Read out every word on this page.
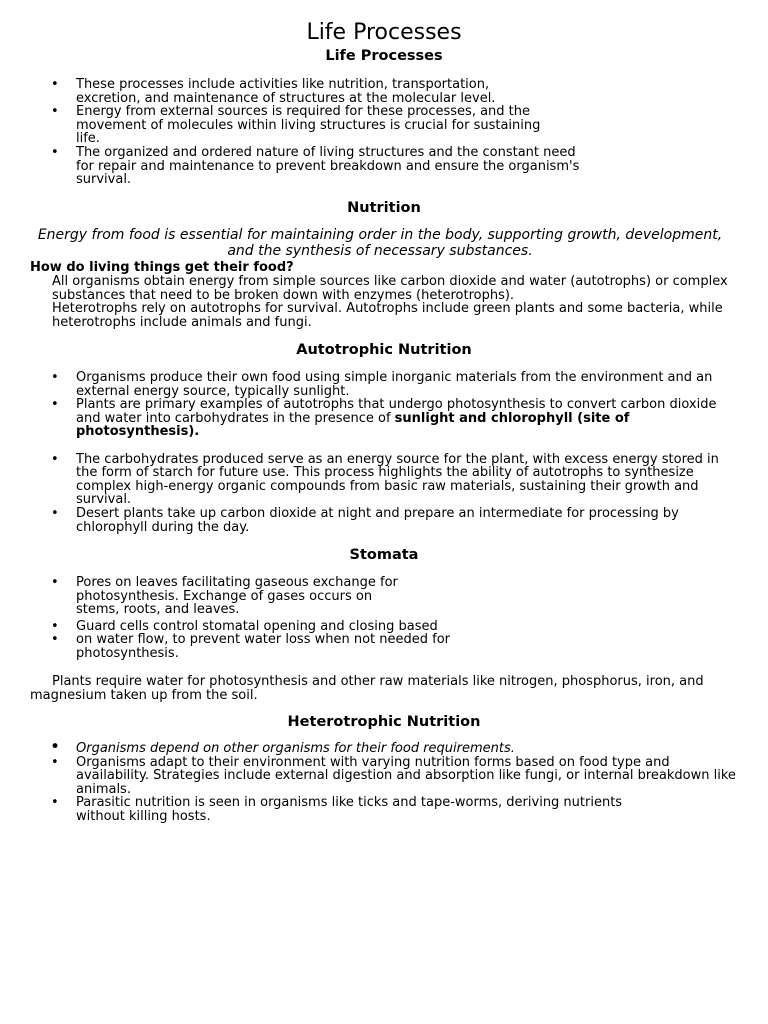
Life Processes
Life Processes
• These processes include activities like nutrition, transportation, excretion, and maintenance of structures at the molecular level.
• Energy from external sources is required for these processes, and the movement of molecules within living structures is crucial for sustaining life.
• The organized and ordered nature of living structures and the constant need for repair and maintenance to prevent breakdown and ensure the organism's survival.
Nutrition
Energy from food is essential for maintaining order in the body, supporting growth, development, and the synthesis of necessary substances.
How do living things get their food?
All organisms obtain energy from simple sources like carbon dioxide and water (autotrophs) or complex substances that need to be broken down with enzymes (heterotrophs).
Heterotrophs rely on autotrophs for survival. Autotrophs include green plants and some bacteria, while heterotrophs include animals and fungi.
Autotrophic Nutrition
• Organisms produce their own food using simple inorganic materials from the environment and an external energy source, typically sunlight.
• Plants are primary examples of autotrophs that undergo photosynthesis to convert carbon dioxide and water into carbohydrates in the presence of sunlight and chlorophyll (site of photosynthesis).
• The carbohydrates produced serve as an energy source for the plant, with excess energy stored in the form of starch for future use. This process highlights the ability of autotrophs to synthesize complex high-energy organic compounds from basic raw materials, sustaining their growth and survival.
• Desert plants take up carbon dioxide at night and prepare an intermediate for processing by chlorophyll during the day.
Stomata
• Pores on leaves facilitating gaseous exchange for photosynthesis. Exchange of gases occurs on stems, roots, and leaves.
• Guard cells control stomatal opening and closing based
• on water flow, to prevent water loss when not needed for photosynthesis.
Plants require water for photosynthesis and other raw materials like nitrogen, phosphorus, iron, and magnesium taken up from the soil.
Heterotrophic Nutrition
• Organisms depend on other organisms for their food requirements.
• Organisms adapt to their environment with varying nutrition forms based on food type and availability. Strategies include external digestion and absorption like fungi, or internal breakdown like animals.
• Parasitic nutrition is seen in organisms like ticks and tape-worms, deriving nutrients without killing hosts.
